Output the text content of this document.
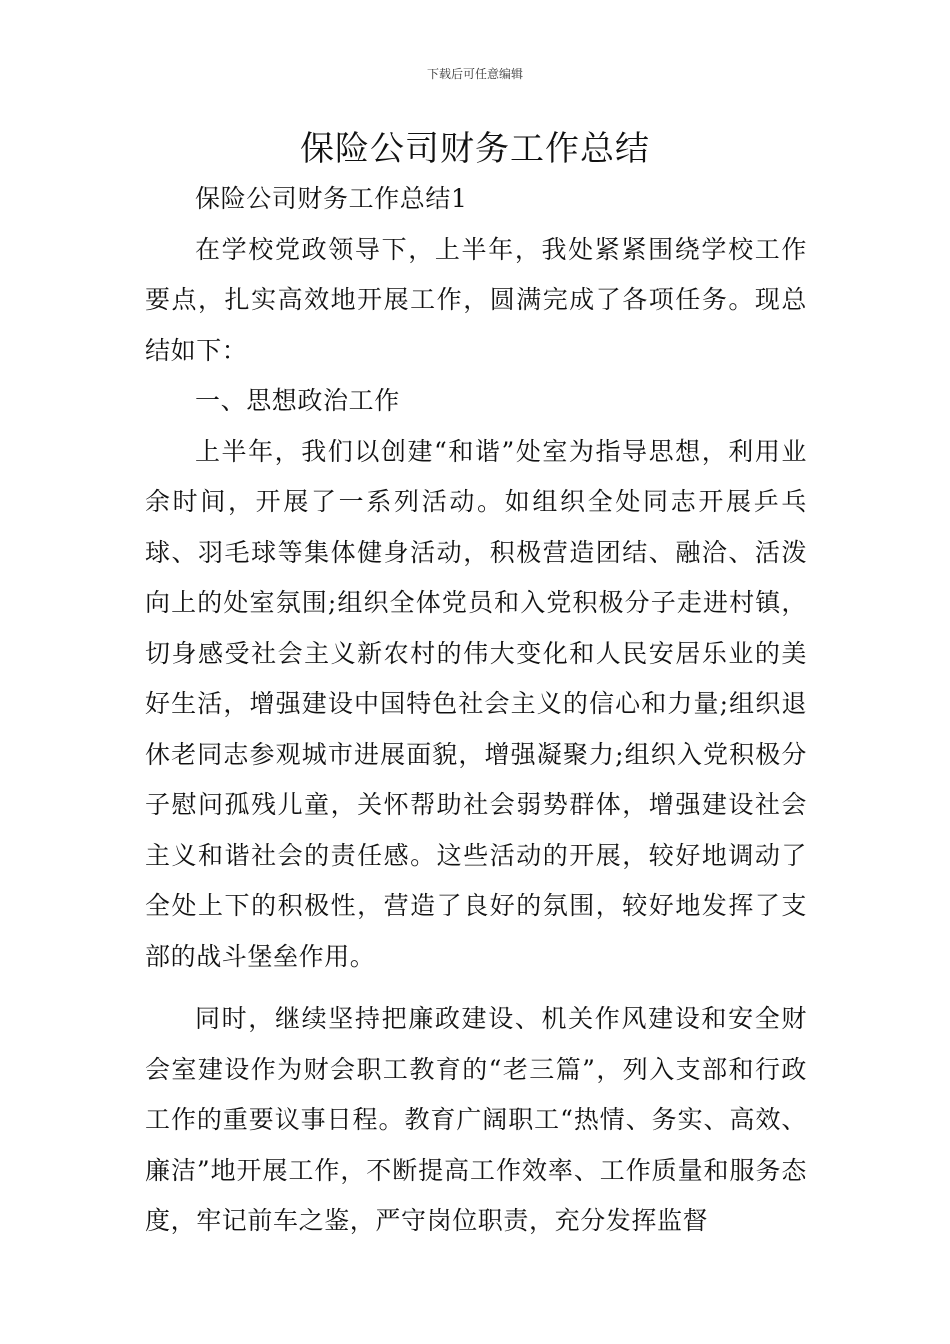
下载后可任意编辑
保险公司财务工作总结

保险公司财务工作总结1

在学校党政领导下，上半年，我处紧紧围绕学校工作要点，扎实高效地开展工作，圆满完成了各项任务。现总结如下：

一、思想政治工作

上半年，我们以创建“和谐”处室为指导思想，利用业余时间，开展了一系列活动。如组织全处同志开展乒乓球、羽毛球等集体健身活动，积极营造团结、融洽、活泼向上的处室氛围;组织全体党员和入党积极分子走进村镇，切身感受社会主义新农村的伟大变化和人民安居乐业的美好生活，增强建设中国特色社会主义的信心和力量;组织退休老同志参观城市进展面貌，增强凝聚力;组织入党积极分子慰问孤残儿童，关怀帮助社会弱势群体，增强建设社会主义和谐社会的责任感。这些活动的开展，较好地调动了全处上下的积极性，营造了良好的氛围，较好地发挥了支部的战斗堡垒作用。

同时，继续坚持把廉政建设、机关作风建设和安全财会室建设作为财会职工教育的“老三篇”，列入支部和行政工作的重要议事日程。教育广阔职工“热情、务实、高效、廉洁”地开展工作，不断提高工作效率、工作质量和服务态度，牢记前车之鉴，严守岗位职责，充分发挥监督
